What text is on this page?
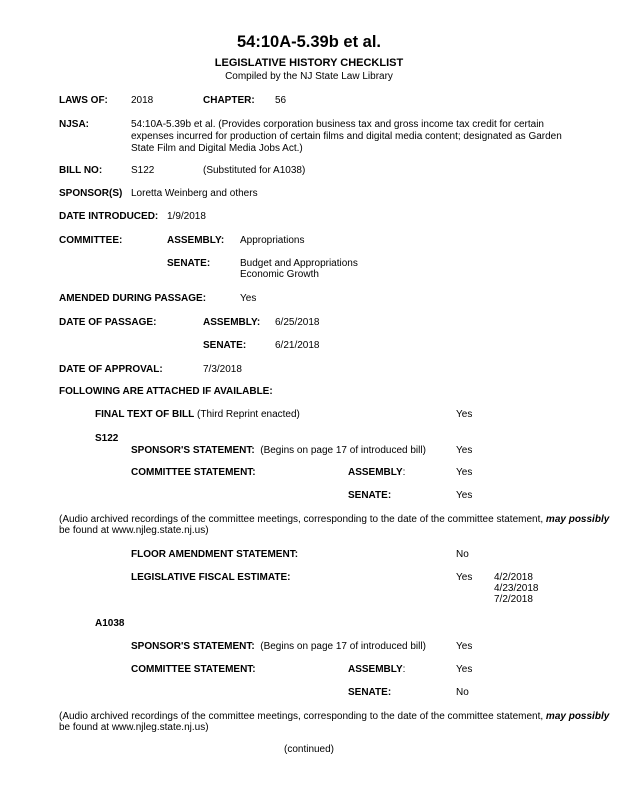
54:10A-5.39b et al.
LEGISLATIVE HISTORY CHECKLIST
Compiled by the NJ State Law Library
LAWS OF: 2018	CHAPTER: 56
NJSA:	54:10A-5.39b et al. (Provides corporation business tax and gross income tax credit for certain expenses incurred for production of certain films and digital media content; designated as Garden State Film and Digital Media Jobs Act.)
BILL NO:	S122	(Substituted for A1038)
SPONSOR(S) Loretta Weinberg and others
DATE INTRODUCED: 1/9/2018
COMMITTEE:	ASSEMBLY: Appropriations
SENATE:	Budget and Appropriations
Economic Growth
AMENDED DURING PASSAGE:	Yes
DATE OF PASSAGE:	ASSEMBLY: 6/25/2018
SENATE:	6/21/2018
DATE OF APPROVAL:	7/3/2018
FOLLOWING ARE ATTACHED IF AVAILABLE:
FINAL TEXT OF BILL (Third Reprint enacted)	Yes
S122
SPONSOR'S STATEMENT:  (Begins on page 17 of introduced bill)	Yes
COMMITTEE STATEMENT:	ASSEMBLY:	Yes
SENATE:	Yes
(Audio archived recordings of the committee meetings, corresponding to the date of the committee statement, may possibly
be found at www.njleg.state.nj.us)
FLOOR AMENDMENT STATEMENT:	No
LEGISLATIVE FISCAL ESTIMATE:	Yes 4/2/2018
4/23/2018
7/2/2018
A1038
SPONSOR'S STATEMENT:  (Begins on page 17 of introduced bill)	Yes
COMMITTEE STATEMENT:	ASSEMBLY:	Yes
SENATE:	No
(Audio archived recordings of the committee meetings, corresponding to the date of the committee statement, may possibly
be found at www.njleg.state.nj.us)
(continued)
